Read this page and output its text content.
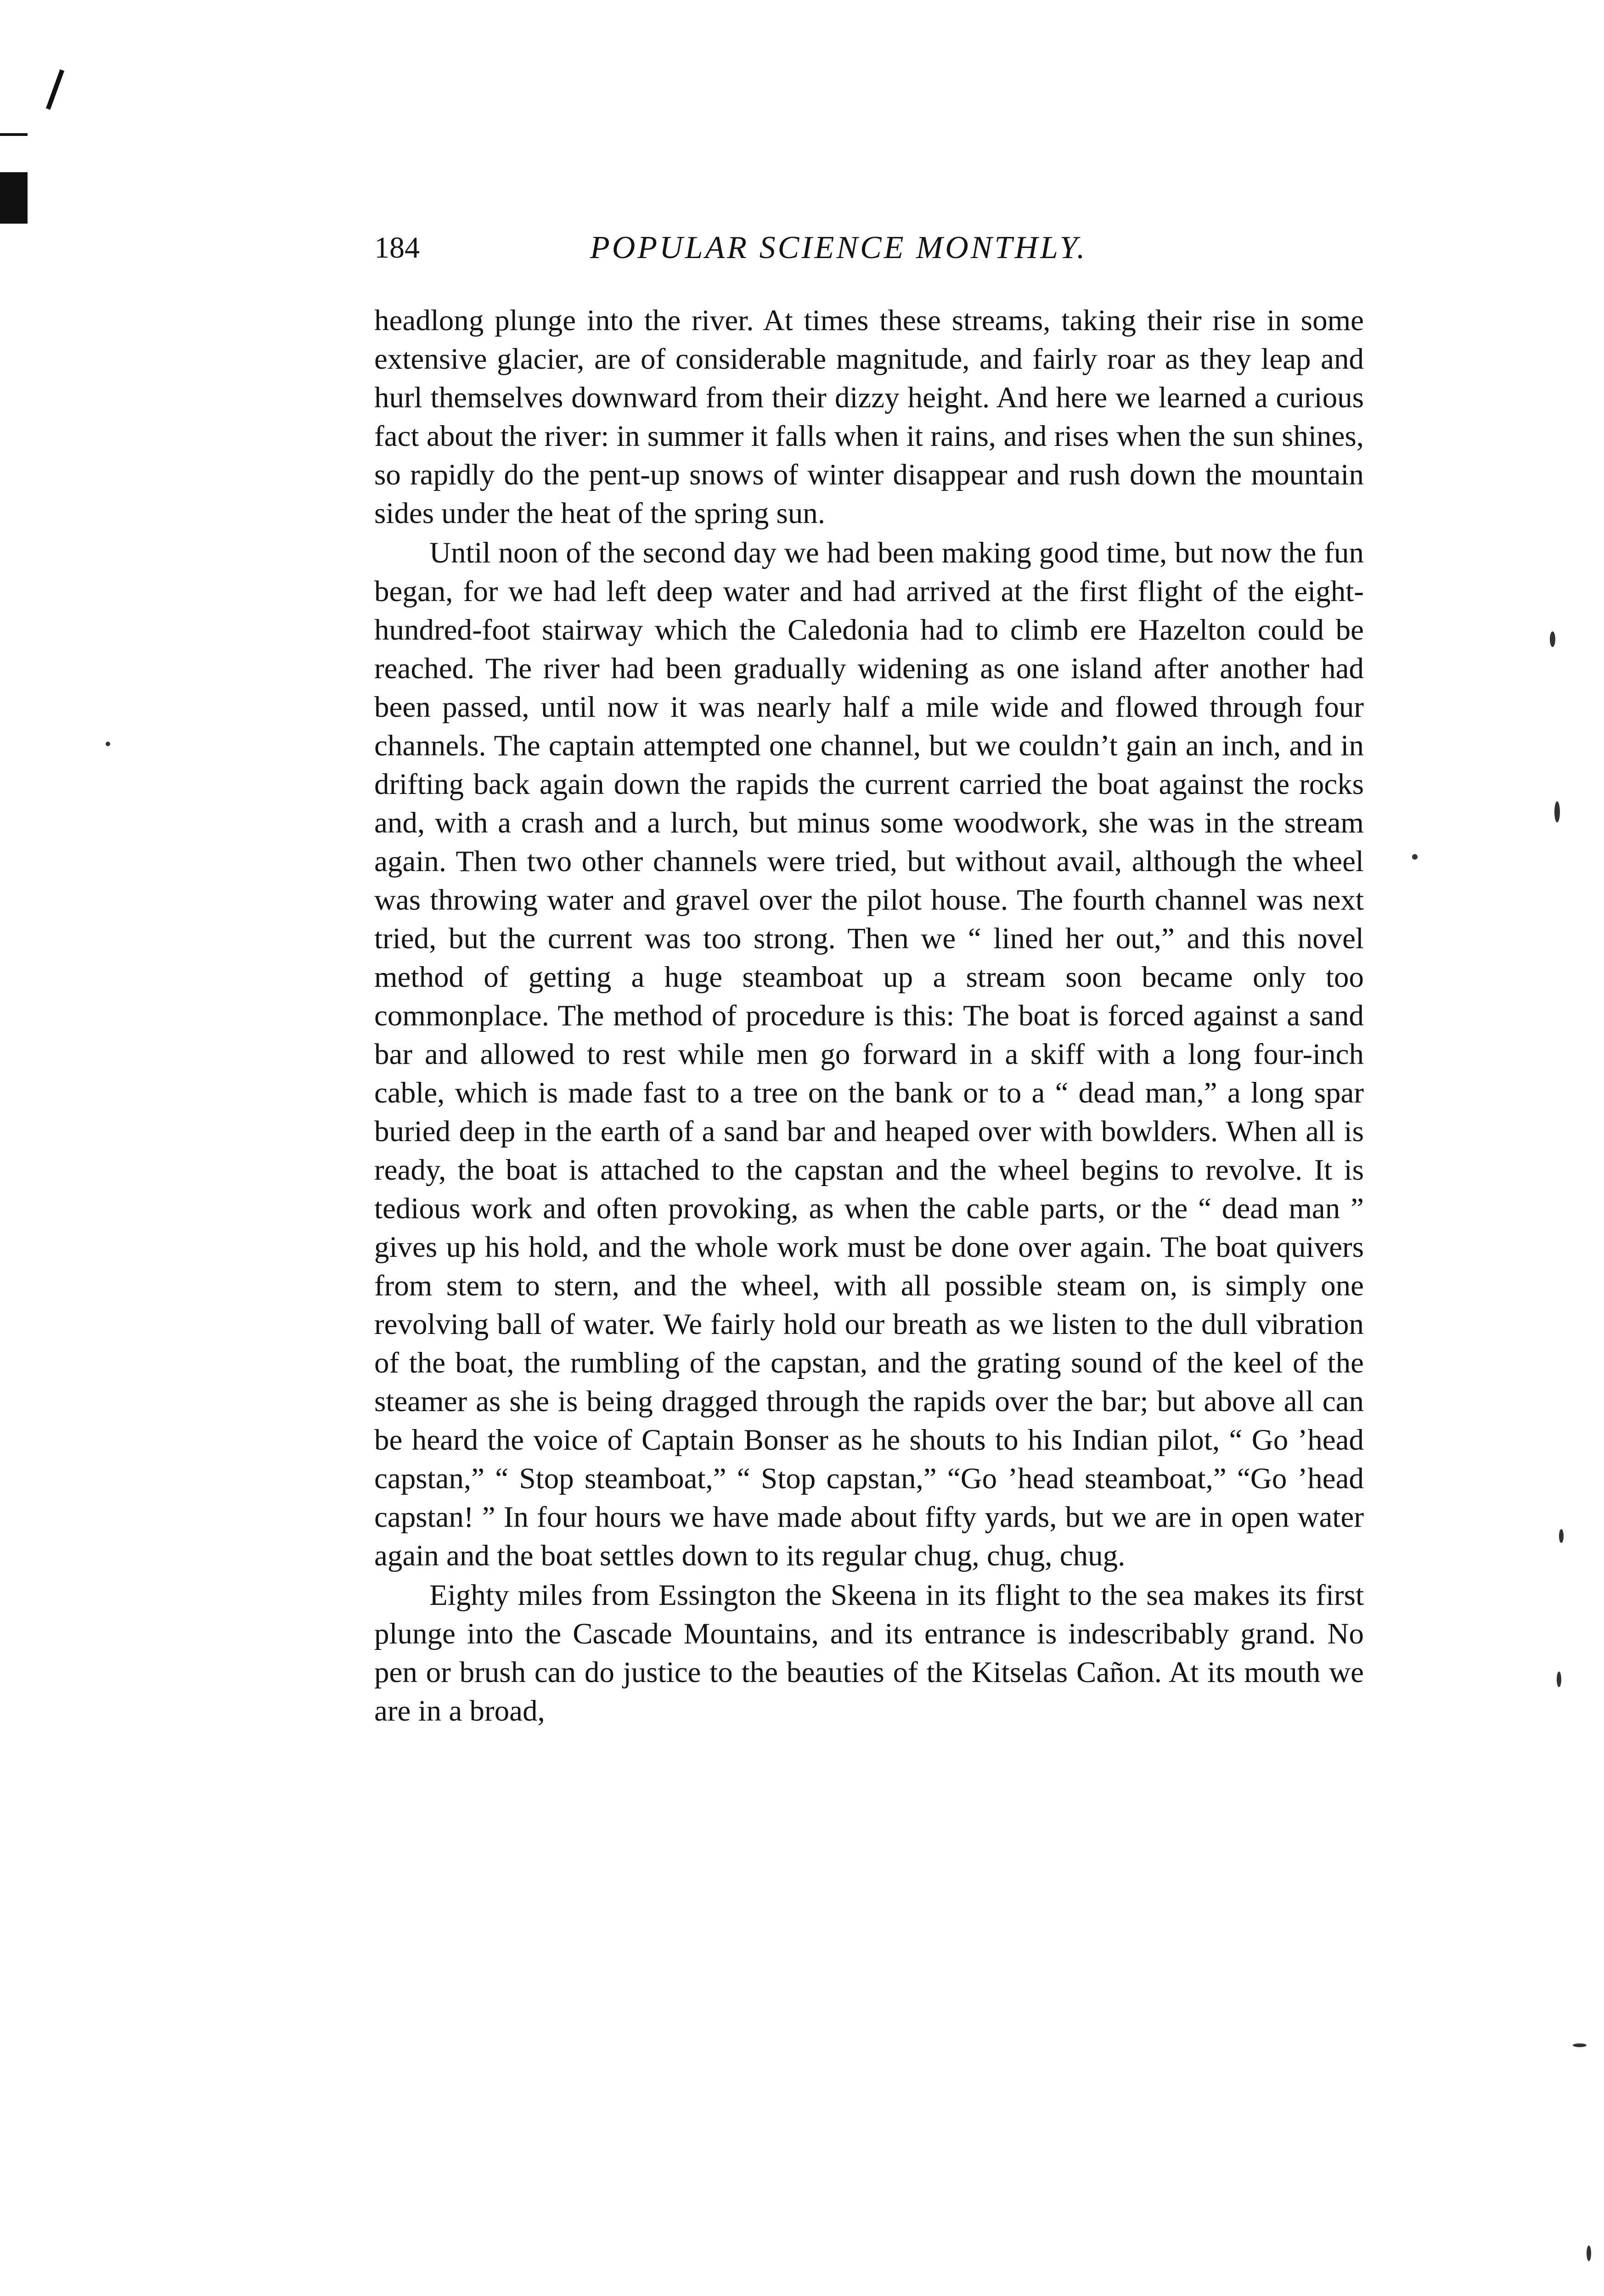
184	POPULAR SCIENCE MONTHLY.

headlong plunge into the river. At times these streams, taking their rise in some extensive glacier, are of considerable magnitude, and fairly roar as they leap and hurl themselves downward from their dizzy height. And here we learned a curious fact about the river: in summer it falls when it rains, and rises when the sun shines, so rapidly do the pent-up snows of winter disappear and rush down the mountain sides under the heat of the spring sun.

Until noon of the second day we had been making good time, but now the fun began, for we had left deep water and had arrived at the first flight of the eight-hundred-foot stairway which the Caledonia had to climb ere Hazelton could be reached. The river had been gradually widening as one island after another had been passed, until now it was nearly half a mile wide and flowed through four channels. The captain attempted one channel, but we couldn’t gain an inch, and in drifting back again down the rapids the current carried the boat against the rocks and, with a crash and a lurch, but minus some woodwork, she was in the stream again. Then two other channels were tried, but without avail, although the wheel was throwing water and gravel over the pilot house. The fourth channel was next tried, but the current was too strong. Then we “ lined her out,” and this novel method of getting a huge steamboat up a stream soon became only too commonplace. The method of procedure is this: The boat is forced against a sand bar and allowed to rest while men go forward in a skiff with a long four-inch cable, which is made fast to a tree on the bank or to a “ dead man,” a long spar buried deep in the earth of a sand bar and heaped over with bowlders. When all is ready, the boat is attached to the capstan and the wheel begins to revolve. It is tedious work and often provoking, as when the cable parts, or the “ dead man ” gives up his hold, and the whole work must be done over again. The boat quivers from stem to stern, and the wheel, with all possible steam on, is simply one revolving ball of water. We fairly hold our breath as we listen to the dull vibration of the boat, the rumbling of the capstan, and the grating sound of the keel of the steamer as she is being dragged through the rapids over the bar; but above all can be heard the voice of Captain Bonser as he shouts to his Indian pilot, “ Go ’head capstan,” “ Stop steamboat,” “ Stop capstan,” “Go ’head steamboat,” “Go ’head capstan! ” In four hours we have made about fifty yards, but we are in open water again and the boat settles down to its regular chug, chug, chug.

Eighty miles from Essington the Skeena in its flight to the sea makes its first plunge into the Cascade Mountains, and its entrance is indescribably grand. No pen or brush can do justice to the beauties of the Kitselas Cañon. At its mouth we are in a broad,
